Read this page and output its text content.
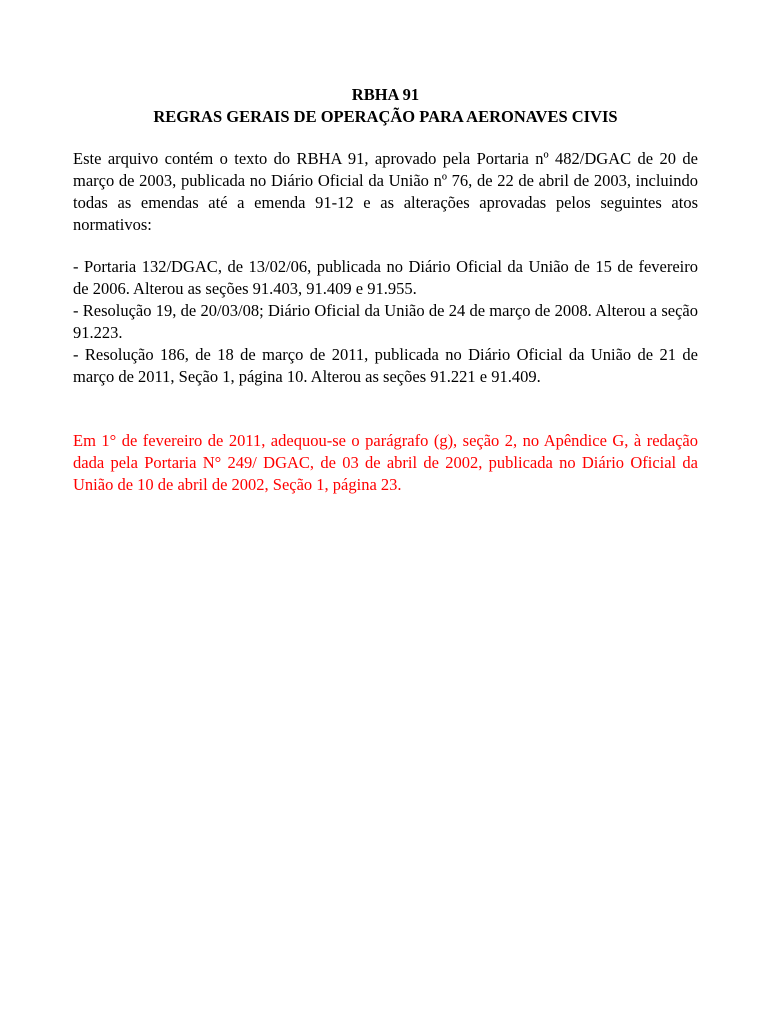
RBHA 91

REGRAS GERAIS DE OPERAÇÃO PARA AERONAVES CIVIS

Este arquivo contém o texto do RBHA 91, aprovado pela Portaria nº 482/DGAC de 20 de março de 2003, publicada no Diário Oficial da União nº 76, de 22 de abril de 2003, incluindo todas as emendas até a emenda 91-12 e as alterações aprovadas pelos seguintes atos normativos:

- Portaria 132/DGAC, de 13/02/06, publicada no Diário Oficial da União de 15 de fevereiro de 2006. Alterou as seções 91.403, 91.409 e 91.955.
- Resolução 19, de 20/03/08; Diário Oficial da União de 24 de março de 2008. Alterou a seção 91.223.
- Resolução 186, de 18 de março de 2011, publicada no Diário Oficial da União de 21 de março de 2011, Seção 1, página 10. Alterou as seções 91.221 e 91.409.

Em 1° de fevereiro de 2011, adequou-se o parágrafo (g), seção 2, no Apêndice G, à redação dada pela Portaria N° 249/ DGAC, de 03 de abril de 2002, publicada no Diário Oficial da União de 10 de abril de 2002, Seção 1, página 23.
